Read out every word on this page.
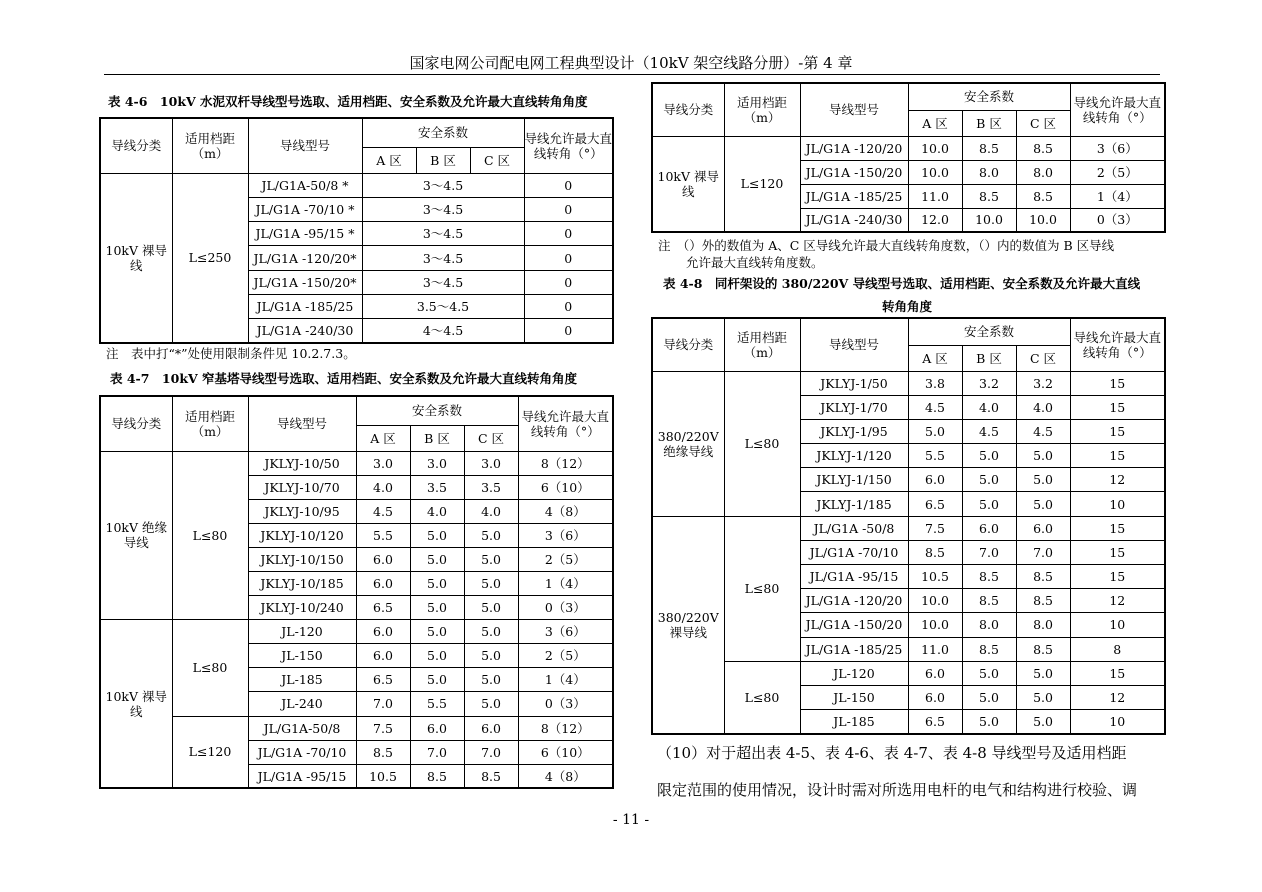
国家电网公司配电网工程典型设计（10kV 架空线路分册）-第 4 章
表 4-6　10kV 水泥双杆导线型号选取、适用档距、安全系数及允许最大直线转角角度
导线分类	适用档距（m）	导线型号	安全系数			导线允许最大直线转角（°）
			A 区	B 区	C 区	
10kV 裸导线	L≤250	JL/G1A-50/8 *	3～4.5			0
		JL/G1A -70/10 *	3～4.5			0
		JL/G1A -95/15 *	3～4.5			0
		JL/G1A -120/20*	3～4.5			0
		JL/G1A -150/20*	3～4.5			0
		JL/G1A -185/25	3.5～4.5			0
		JL/G1A -240/30	4～4.5			0
注　表中打“*”处使用限制条件见 10.2.7.3。
表 4-7　10kV 窄基塔导线型号选取、适用档距、安全系数及允许最大直线转角角度
导线分类	适用档距（m）	导线型号	安全系数			导线允许最大直线转角（°）
			A 区	B 区	C 区	
10kV 绝缘导线	L≤80	JKLYJ-10/50	3.0	3.0	3.0	8（12）
		JKLYJ-10/70	4.0	3.5	3.5	6（10）
		JKLYJ-10/95	4.5	4.0	4.0	4（8）
		JKLYJ-10/120	5.5	5.0	5.0	3（6）
		JKLYJ-10/150	6.0	5.0	5.0	2（5）
		JKLYJ-10/185	6.0	5.0	5.0	1（4）
		JKLYJ-10/240	6.5	5.0	5.0	0（3）
10kV 裸导线	L≤80	JL-120	6.0	5.0	5.0	3（6）
		JL-150	6.0	5.0	5.0	2（5）
		JL-185	6.5	5.0	5.0	1（4）
		JL-240	7.0	5.5	5.0	0（3）
	L≤120	JL/G1A-50/8	7.5	6.0	6.0	8（12）
		JL/G1A -70/10	8.5	7.0	7.0	6（10）
		JL/G1A -95/15	10.5	8.5	8.5	4（8）
导线分类	适用档距（m）	导线型号	安全系数			导线允许最大直线转角（°）
			A 区	B 区	C 区	
10kV 裸导线	L≤120	JL/G1A -120/20	10.0	8.5	8.5	3（6）
		JL/G1A -150/20	10.0	8.0	8.0	2（5）
		JL/G1A -185/25	11.0	8.5	8.5	1（4）
		JL/G1A -240/30	12.0	10.0	10.0	0（3）
注　（）外的数值为 A、C 区导线允许最大直线转角度数，（）内的数值为 B 区导线
允许最大直线转角度数。
表 4-8　同杆架设的 380/220V 导线型号选取、适用档距、安全系数及允许最大直线
转角角度
导线分类	适用档距（m）	导线型号	安全系数			导线允许最大直线转角（°）
			A 区	B 区	C 区	
380/220V 绝缘导线	L≤80	JKLYJ-1/50	3.8	3.2	3.2	15
		JKLYJ-1/70	4.5	4.0	4.0	15
		JKLYJ-1/95	5.0	4.5	4.5	15
		JKLYJ-1/120	5.5	5.0	5.0	15
		JKLYJ-1/150	6.0	5.0	5.0	12
		JKLYJ-1/185	6.5	5.0	5.0	10
380/220V 裸导线	L≤80	JL/G1A -50/8	7.5	6.0	6.0	15
		JL/G1A -70/10	8.5	7.0	7.0	15
		JL/G1A -95/15	10.5	8.5	8.5	15
		JL/G1A -120/20	10.0	8.5	8.5	12
		JL/G1A -150/20	10.0	8.0	8.0	10
		JL/G1A -185/25	11.0	8.5	8.5	8
	L≤80	JL-120	6.0	5.0	5.0	15
		JL-150	6.0	5.0	5.0	12
		JL-185	6.5	5.0	5.0	10
（10）对于超出表 4-5、表 4-6、表 4-7、表 4-8 导线型号及适用档距
限定范围的使用情况，设计时需对所选用电杆的电气和结构进行校验、调
- 11 -
